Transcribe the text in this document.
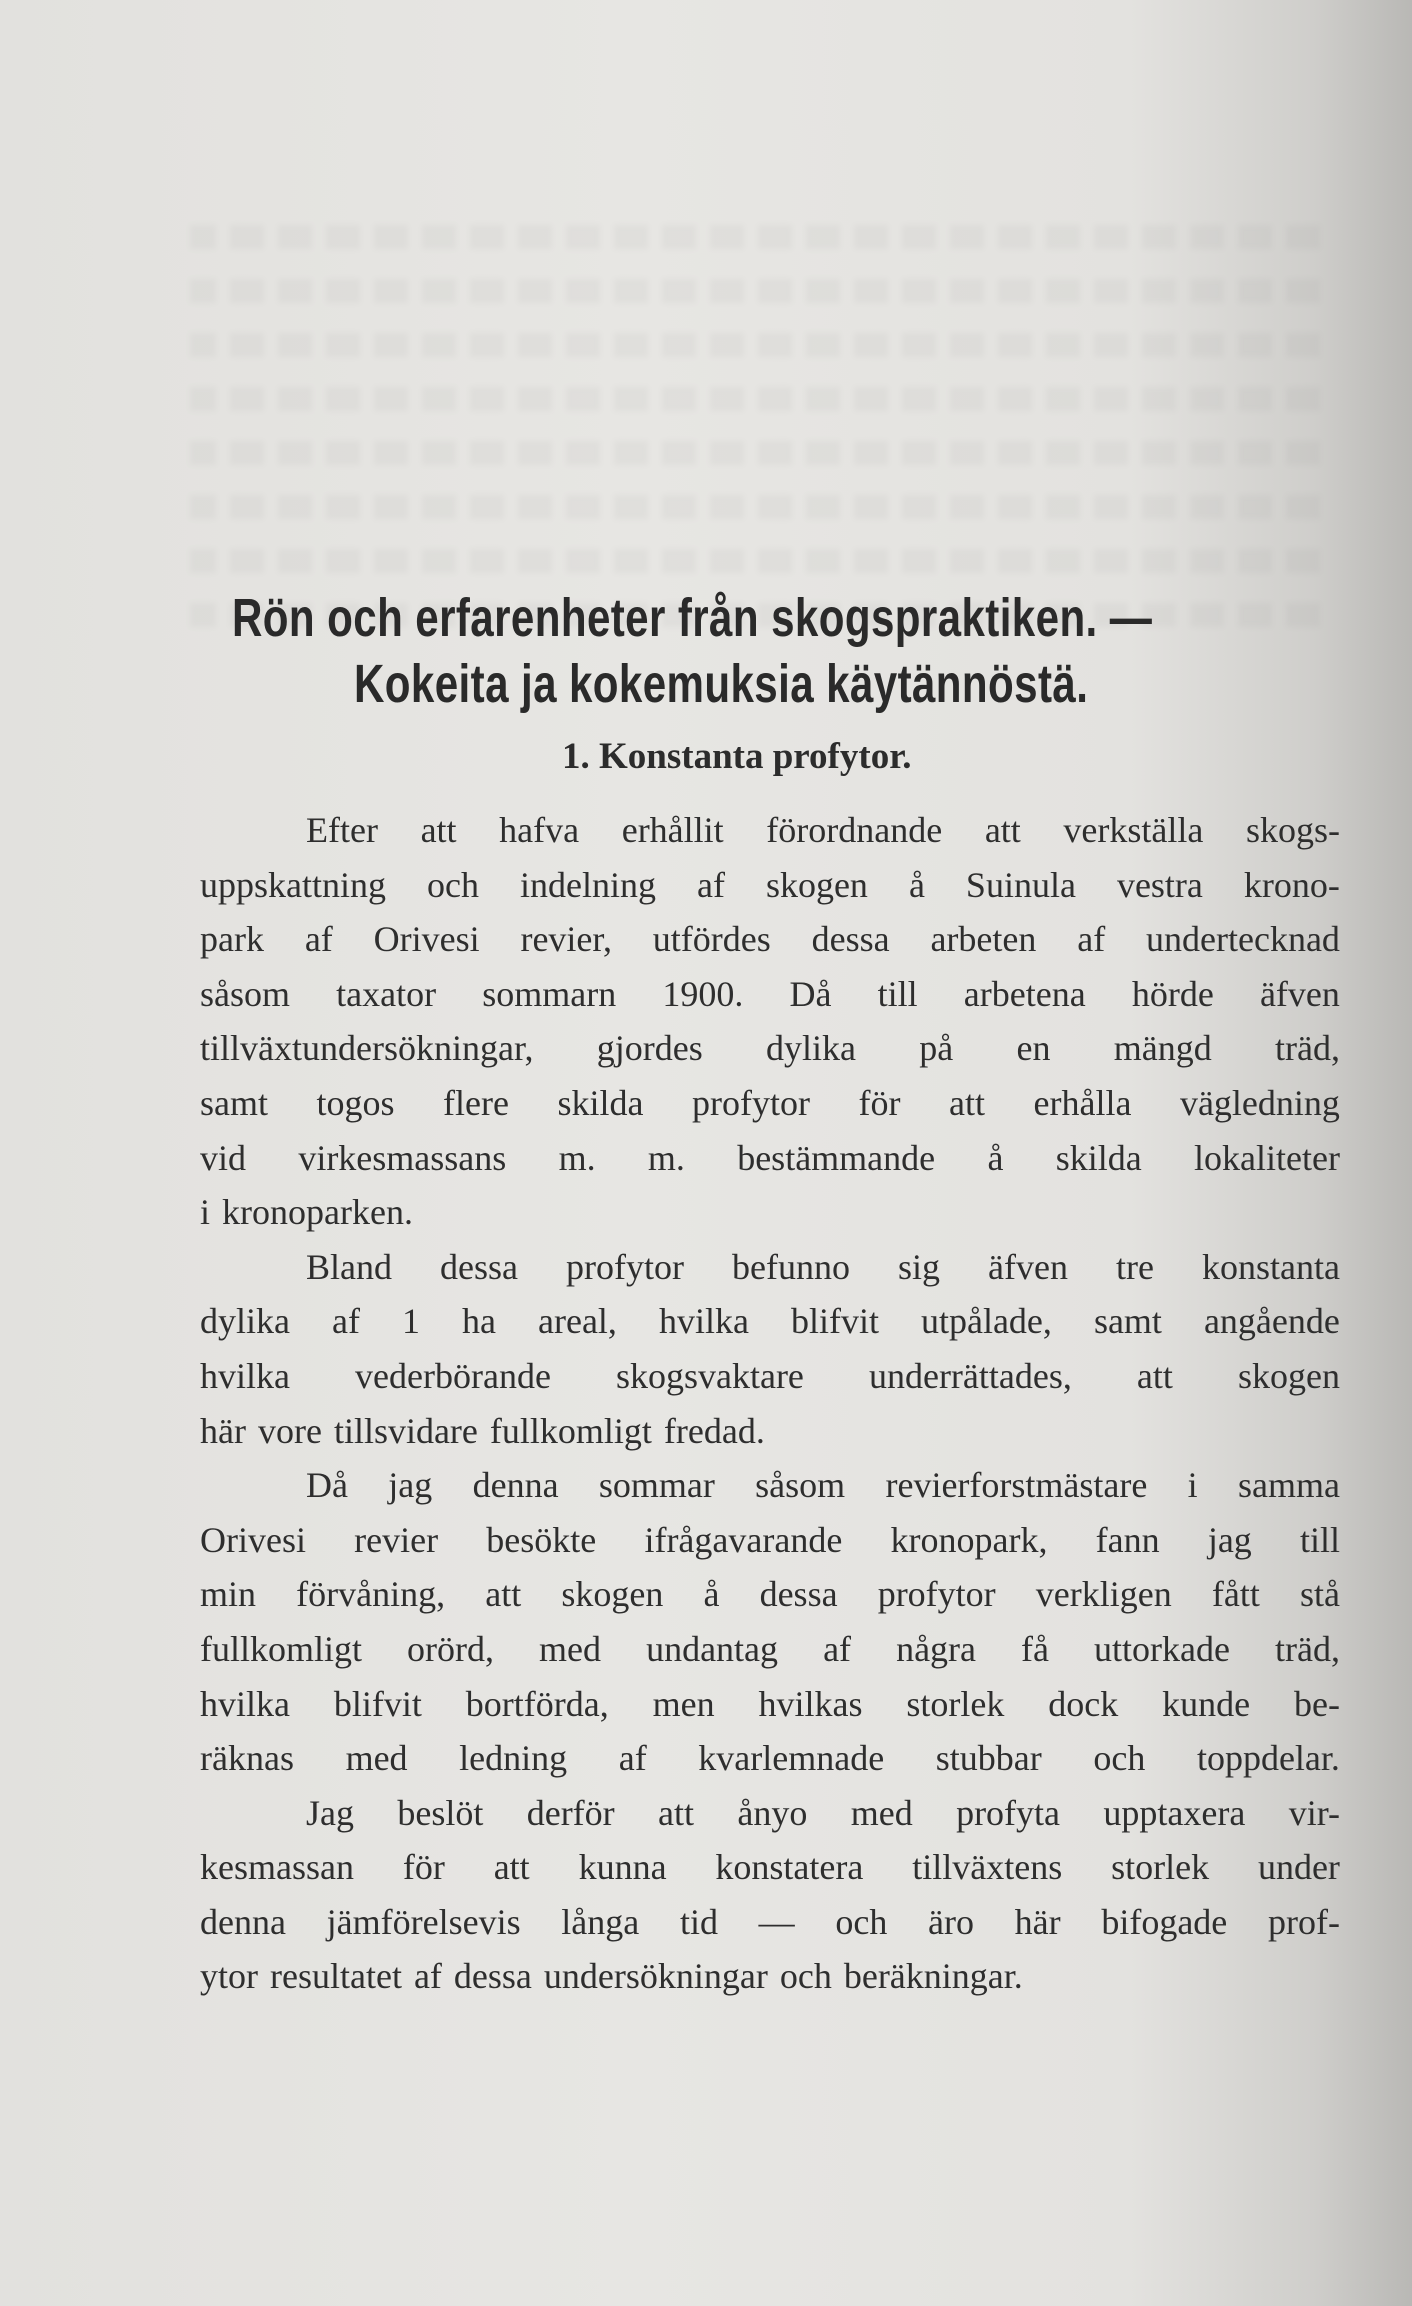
Rön och erfarenheter från skogspraktiken. —
Kokeita ja kokemuksia käytännöstä.
1. Konstanta profytor.
Efter att hafva erhållit förordnande att verkställa skogs-
uppskattning och indelning af skogen å Suinula vestra krono-
park af Orivesi revier, utfördes dessa arbeten af undertecknad
såsom taxator sommarn 1900. Då till arbetena hörde äfven
tillväxtundersökningar, gjordes dylika på en mängd träd,
samt togos flere skilda profytor för att erhålla vägledning
vid virkesmassans m. m. bestämmande å skilda lokaliteter
i kronoparken.
Bland dessa profytor befunno sig äfven tre konstanta
dylika af 1 ha areal, hvilka blifvit utpålade, samt angående
hvilka vederbörande skogsvaktare underrättades, att skogen
här vore tillsvidare fullkomligt fredad.
Då jag denna sommar såsom revierforstmästare i samma
Orivesi revier besökte ifrågavarande kronopark, fann jag till
min förvåning, att skogen å dessa profytor verkligen fått stå
fullkomligt orörd, med undantag af några få uttorkade träd,
hvilka blifvit bortförda, men hvilkas storlek dock kunde be-
räknas med ledning af kvarlemnade stubbar och toppdelar.
Jag beslöt derför att ånyo med profyta upptaxera vir-
kesmassan för att kunna konstatera tillväxtens storlek under
denna jämförelsevis långa tid — och äro här bifogade prof-
ytor resultatet af dessa undersökningar och beräkningar.
